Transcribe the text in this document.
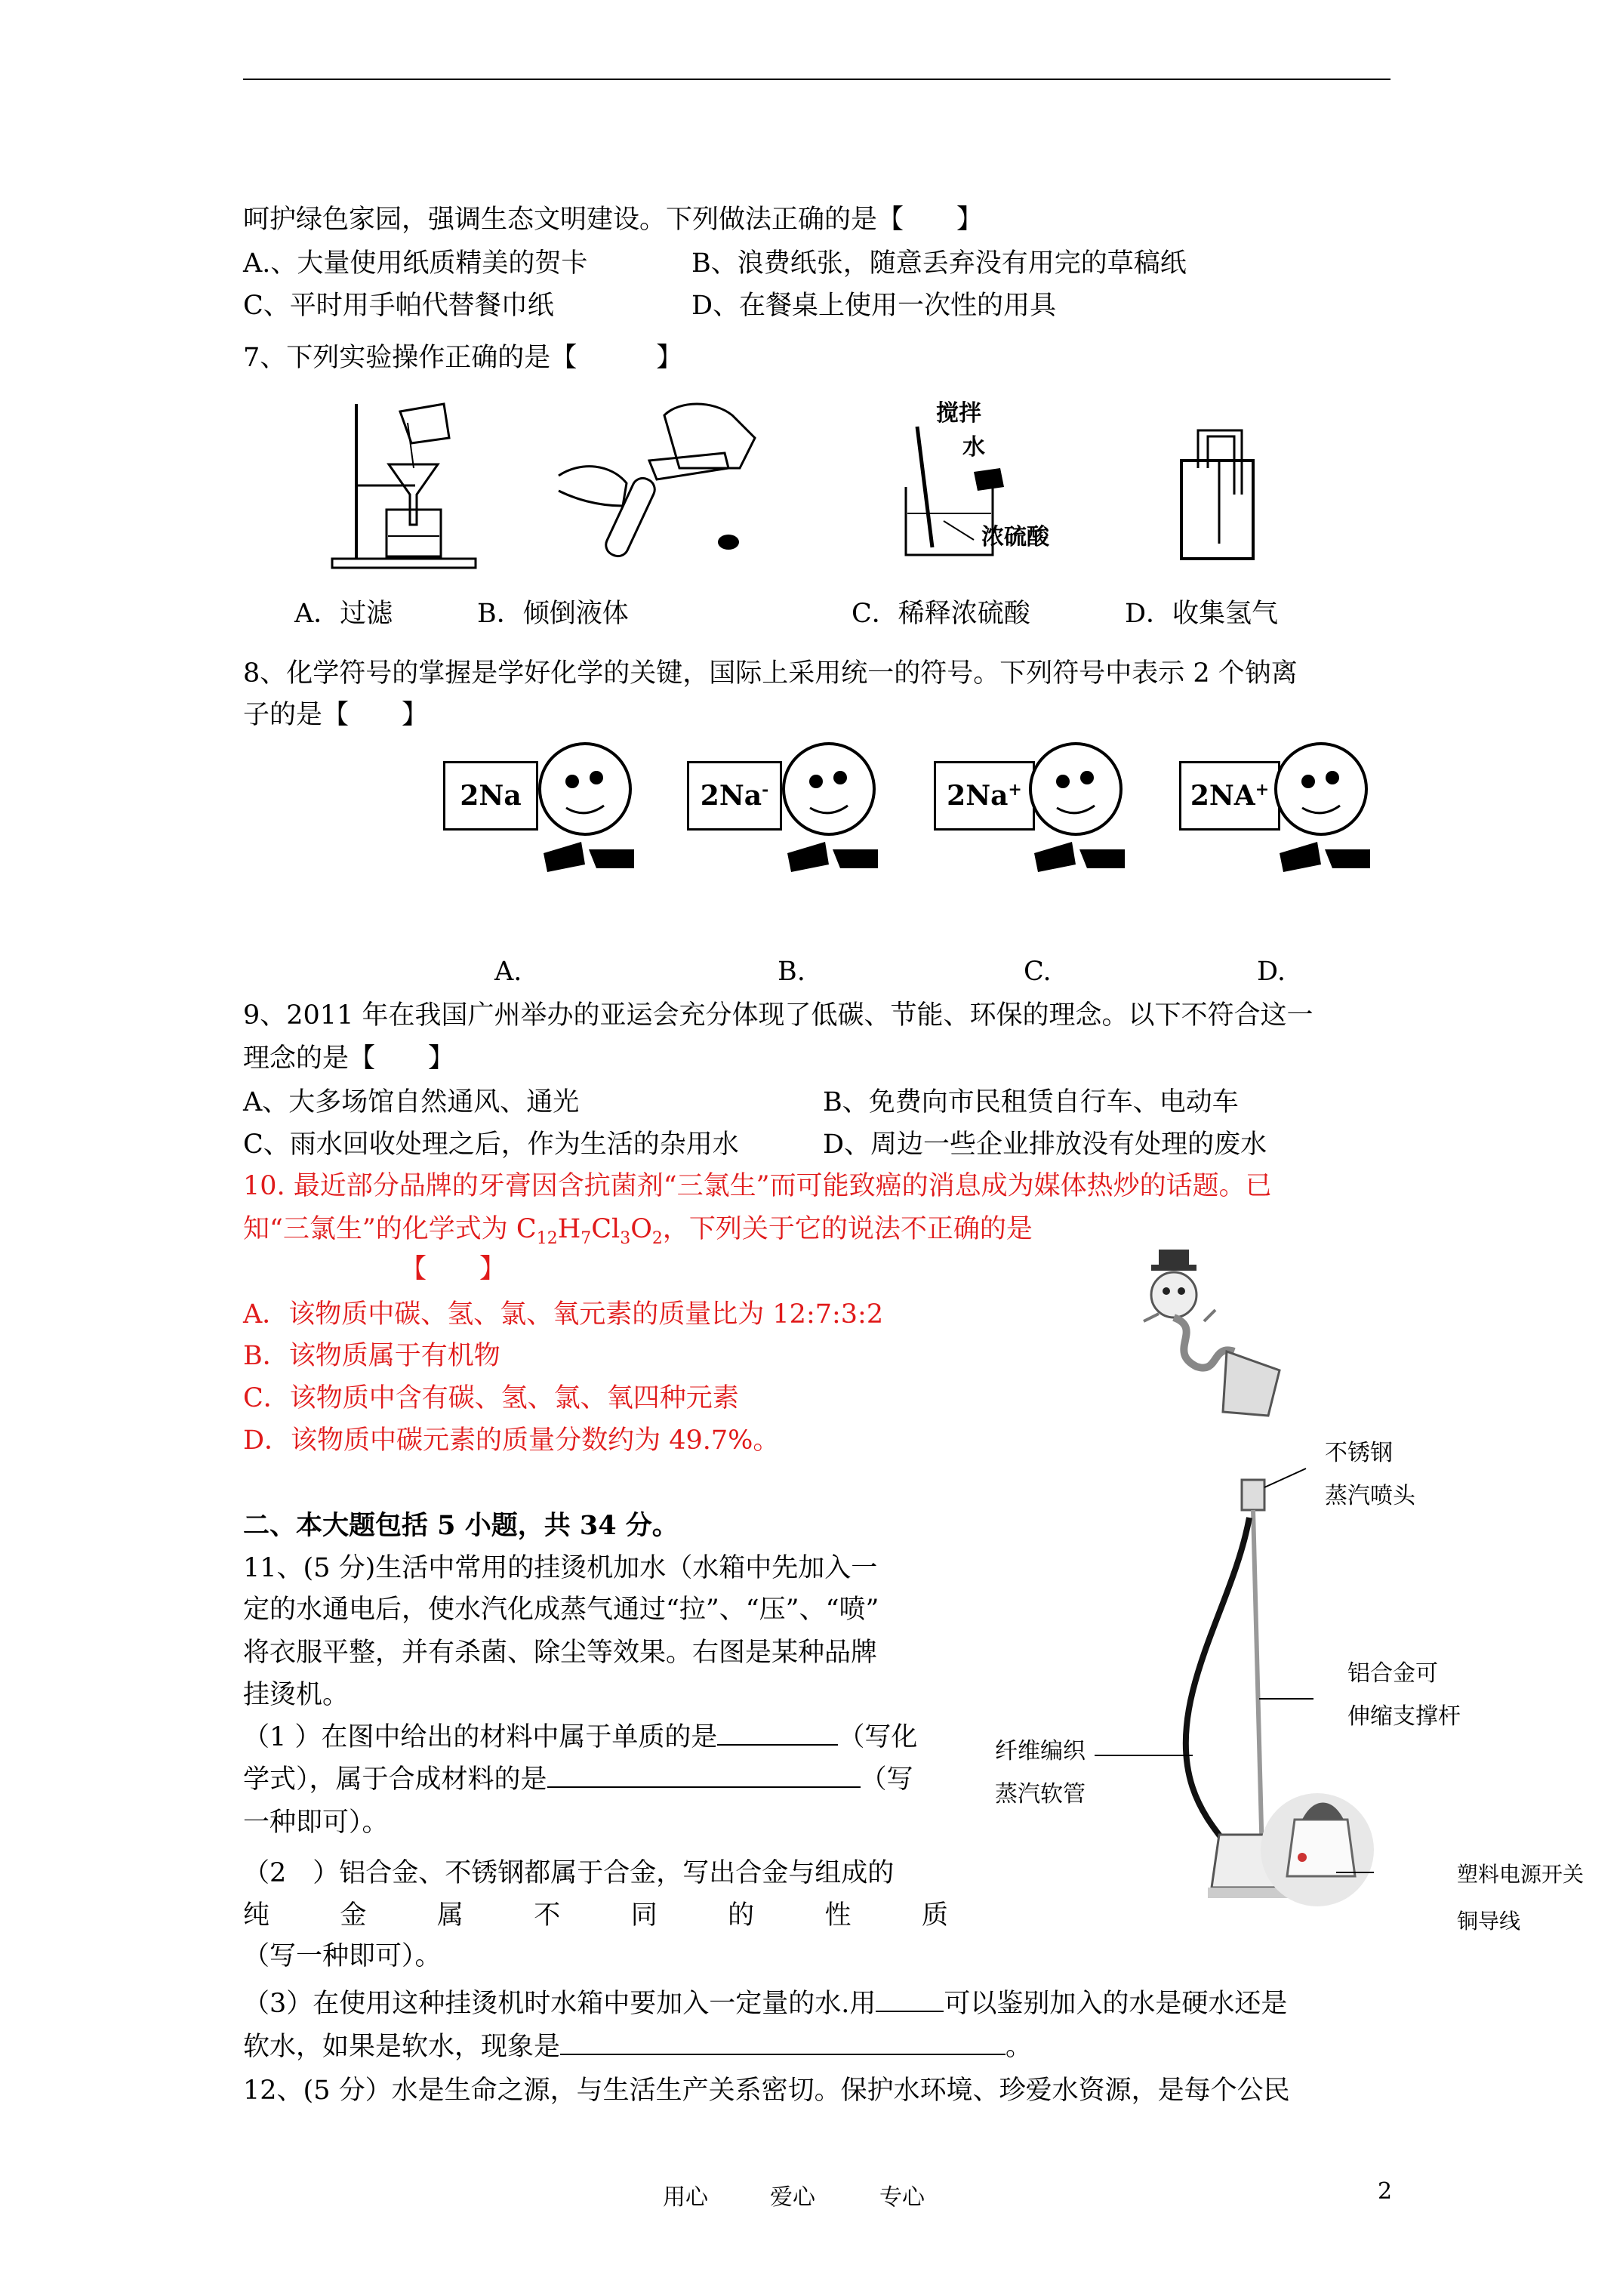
呵护绿色家园，强调生态文明建设。下列做法正确的是【　　】
A.、大量使用纸质精美的贺卡	B、浪费纸张，随意丢弃没有用完的草稿纸
C、平时用手帕代替餐巾纸	D、在餐桌上使用一次性的用具
7、下列实验操作正确的是【　　　】
A．过滤	B．倾倒液体
搅拌
水
浓硫酸
C．稀释浓硫酸	D．收集氢气
8、化学符号的掌握是学好化学的关键，国际上采用统一的符号。下列符号中表示 2 个钠离
子的是【　　】
2Na	2Na-	2Na+	2NA+
A.	B.	C.	D.
9、2011 年在我国广州举办的亚运会充分体现了低碳、节能、环保的理念。以下不符合这一
理念的是【　　】
A、大多场馆自然通风、通光	B、免费向市民租赁自行车、电动车
C、雨水回收处理之后，作为生活的杂用水	D、周边一些企业排放没有处理的废水
10. 最近部分品牌的牙膏因含抗菌剂“三氯生”而可能致癌的消息成为媒体热炒的话题。已
知“三氯生”的化学式为 $C_{12}H_7Cl_3O_2$，下列关于它的说法不正确的是
【　　】
A．该物质中碳、氢、氯、氧元素的质量比为 12:7:3:2
B．该物质属于有机物
C．该物质中含有碳、氢、氯、氧四种元素
D．该物质中碳元素的质量分数约为 49.7%。
二、本大题包括 5 小题，共 34 分。
11、(5 分)生活中常用的挂烫机加水（水箱中先加入一
定的水通电后，使水汽化成蒸气通过“拉”、“压”、“喷”
将衣服平整，并有杀菌、除尘等效果。右图是某种品牌
挂烫机。
（1 ）在图中给出的材料中属于单质的是	（写化
学式），属于合成材料的是	（写
一种即可）。
（2　）铝合金、不锈钢都属于合金，写出合金与组成的
纯	金	属	不	同	的	性	质
（写一种即可）。
（3）在使用这种挂烫机时水箱中要加入一定量的水.用	可以鉴别加入的水是硬水还是
软水，如果是软水，现象是	。
不锈钢
蒸汽喷头
铝合金可
伸缩支撑杆
纤维编织
蒸汽软管
塑料电源开关
铜导线
12、(5 分）水是生命之源，与生活生产关系密切。保护水环境、珍爱水资源，是每个公民
用心	爱心	专心	2
